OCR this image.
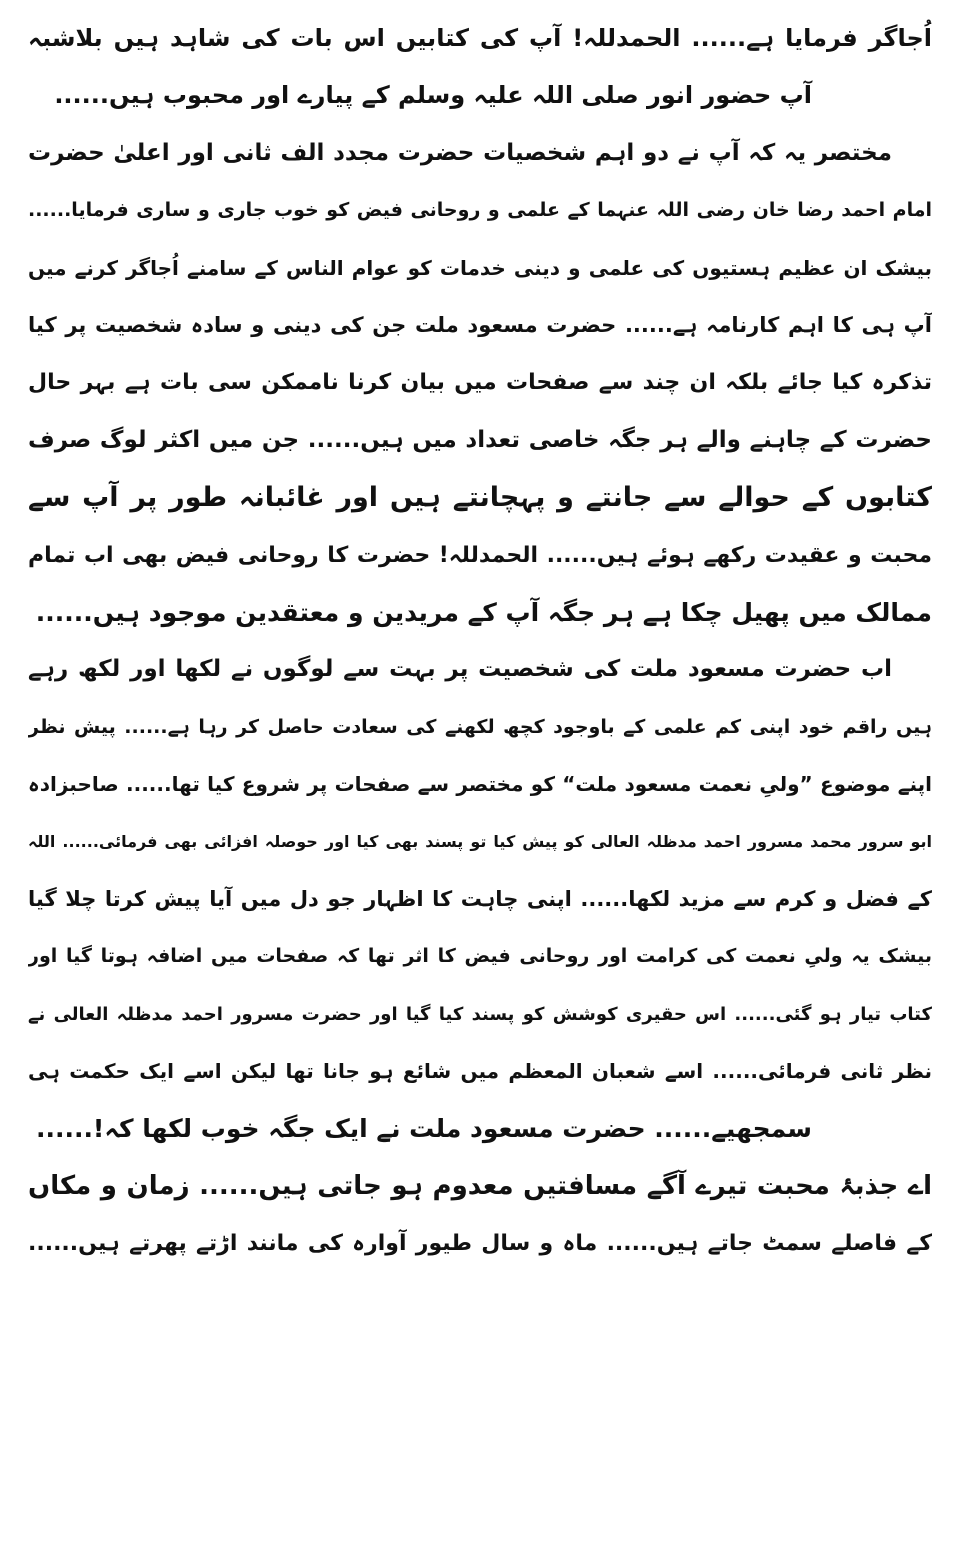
اُجاگر فرمایا ہے...... الحمدللہ! آپ کی کتابیں اس بات کی شاہد ہیں بلاشبہ
آپ حضور انور صلی اللہ علیہ وسلم کے پیارے اور محبوب ہیں......
مختصر یہ کہ آپ نے دو اہم شخصیات حضرت مجدد الف ثانی اور اعلیٰ حضرت
امام احمد رضا خان رضی اللہ عنہما کے علمی و روحانی فیض کو خوب جاری و ساری فرمایا......
بیشک ان عظیم ہستیوں کی علمی و دینی خدمات کو عوام الناس کے سامنے اُجاگر کرنے میں
آپ ہی کا اہم کارنامہ ہے...... حضرت مسعود ملت جن کی دینی و سادہ شخصیت پر کیا
تذکرہ کیا جائے بلکہ ان چند سے صفحات میں بیان کرنا ناممکن سی بات ہے بہر حال
حضرت کے چاہنے والے ہر جگہ خاصی تعداد میں ہیں...... جن میں اکثر لوگ صرف
کتابوں کے حوالے سے جانتے و پہچانتے ہیں اور غائبانہ طور پر آپ سے
محبت و عقیدت رکھے ہوئے ہیں...... الحمدللہ! حضرت کا روحانی فیض بھی اب تمام
ممالک میں پھیل چکا ہے ہر جگہ آپ کے مریدین و معتقدین موجود ہیں......
اب حضرت مسعود ملت کی شخصیت پر بہت سے لوگوں نے لکھا اور لکھ رہے
ہیں راقم خود اپنی کم علمی کے باوجود کچھ لکھنے کی سعادت حاصل کر رہا ہے...... پیش نظر
اپنے موضوع ”ولیِ نعمت مسعود ملت“ کو مختصر سے صفحات پر شروع کیا تھا...... صاحبزادہ
ابو سرور محمد مسرور احمد مدظلہ العالی کو پیش کیا تو پسند بھی کیا اور حوصلہ افزائی بھی فرمائی...... اللہ
کے فضل و کرم سے مزید لکھا...... اپنی چاہت کا اظہار جو دل میں آیا پیش کرتا چلا گیا
بیشک یہ ولیِ نعمت کی کرامت اور روحانی فیض کا اثر تھا کہ صفحات میں اضافہ ہوتا گیا اور
کتاب تیار ہو گئی...... اس حقیری کوشش کو پسند کیا گیا اور حضرت مسرور احمد مدظلہ العالی نے
نظر ثانی فرمائی...... اسے شعبان المعظم میں شائع ہو جانا تھا لیکن اسے ایک حکمت ہی
سمجھیے...... حضرت مسعود ملت نے ایک جگہ خوب لکھا کہ!......
اے جذبۂ محبت تیرے آگے مسافتیں معدوم ہو جاتی ہیں...... زمان و مکاں
کے فاصلے سمٹ جاتے ہیں...... ماہ و سال طیور آوارہ کی مانند اڑتے پھرتے ہیں......
